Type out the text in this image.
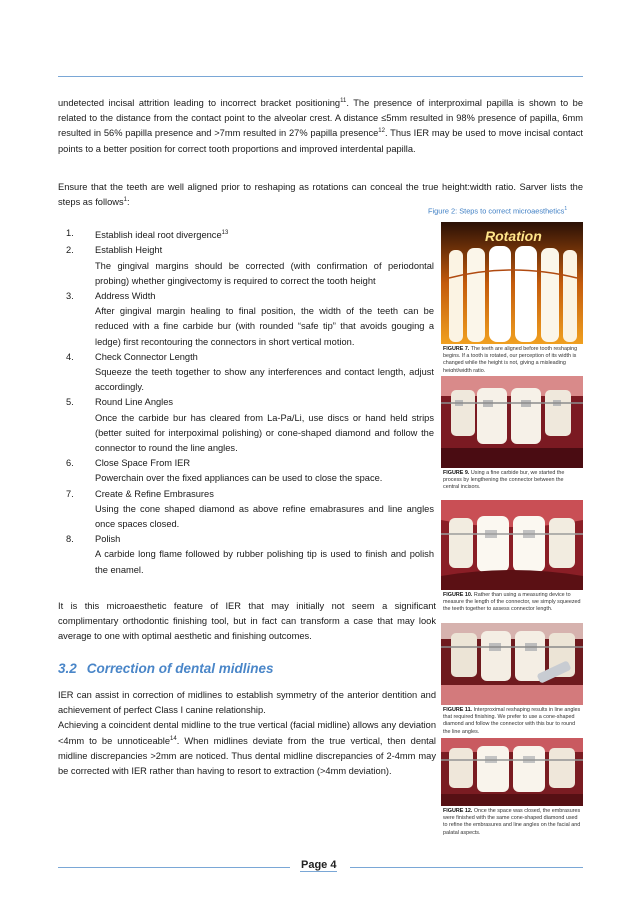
undetected incisal attrition leading to incorrect bracket positioning$^{11}$. The presence of interproximal papilla is shown to be related to the distance from the contact point to the alveolar crest. A distance ≤5mm resulted in 98% presence of papilla, 6mm resulted in 56% papilla presence and >7mm resulted in 27% papilla presence$^{12}$. Thus IER may be used to move incisal contact points to a better position for correct tooth proportions and improved interdental papilla.
Ensure that the teeth are well aligned prior to reshaping as rotations can conceal the true height:width ratio. Sarver lists the steps as follows$^1$:
Figure 2: Steps to correct microaesthetics$^1$
1. Establish ideal root divergence$^{13}$
2. Establish Height
The gingival margins should be corrected (with confirmation of periodontal probing) whether gingivectomy is required to correct the tooth height
3. Address Width
After gingival margin healing to final position, the width of the teeth can be reduced with a fine carbide bur (with rounded “safe tip” that avoids gouging a ledge) first recontouring the connectors in short vertical motion.
4. Check Connector Length
Squeeze the teeth together to show any interferences and contact length, adjust accordingly.
5. Round Line Angles
Once the carbide bur has cleared from La-Pa/Li, use discs or hand held strips (better suited for interpoximal polishing) or cone-shaped diamond and follow the connector to round the line angles.
6. Close Space From IER
Powerchain over the fixed appliances can be used to close the space.
7. Create & Refine Embrasures
Using the cone shaped diamond as above refine emabrasures and line angles once spaces closed.
8. Polish
A carbide long flame followed by rubber polishing tip is used to finish and polish the enamel.
It is this microaesthetic feature of IER that may initially not seem a significant complimentary orthodontic finishing tool, but in fact can transform a case that may look average to one with optimal aesthetic and finishing outcomes.
3.2 Correction of dental midlines
IER can assist in correction of midlines to establish symmetry of the anterior dentition and achievement of perfect Class I canine relationship.
Achieving a coincident dental midline to the true vertical (facial midline) allows any deviation <4mm to be unnoticeable$^{14}$. When midlines deviate from the true vertical, then dental midline discrepancies >2mm are noticed. Thus dental midline discrepancies of 2-4mm may be corrected with IER rather than having to resort to extraction (>4mm deviation).
Rotation
FIGURE 7. The teeth are aligned before tooth reshaping begins. If a tooth is rotated, our perception of its width is changed while the height is not, giving a misleading height/width ratio.
FIGURE 9. Using a fine carbide bur, we started the process by lengthening the connector between the central incisors.
FIGURE 10. Rather than using a measuring device to measure the length of the connector, we simply squeezed the teeth together to assess connector length.
FIGURE 11. Interproximal reshaping results in line angles that required finishing. We prefer to use a cone-shaped diamond and follow the connector with this bur to round the line angles.
FIGURE 12. Once the space was closed, the embrasures were finished with the same cone-shaped diamond used to refine the embrasures and line angles on the facial and palatal aspects.
Page 4
